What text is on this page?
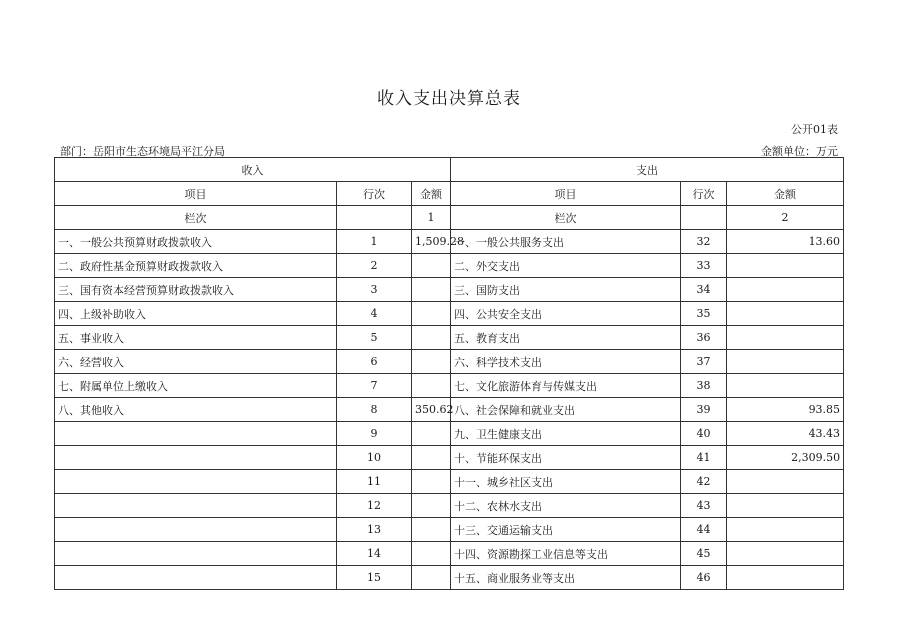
收入支出决算总表
公开01表
部门：岳阳市生态环境局平江分局	金额单位：万元
收入			支出		
项目	行次	金额	项目	行次	金额
栏次		1	栏次		2
一、一般公共预算财政拨款收入	1	1,509.28	一、一般公共服务支出	32	13.60
二、政府性基金预算财政拨款收入	2		二、外交支出	33	
三、国有资本经营预算财政拨款收入	3		三、国防支出	34	
四、上级补助收入	4		四、公共安全支出	35	
五、事业收入	5		五、教育支出	36	
六、经营收入	6		六、科学技术支出	37	
七、附属单位上缴收入	7		七、文化旅游体育与传媒支出	38	
八、其他收入	8	350.62	八、社会保障和就业支出	39	93.85
	9		九、卫生健康支出	40	43.43
	10		十、节能环保支出	41	2,309.50
	11		十一、城乡社区支出	42	
	12		十二、农林水支出	43	
	13		十三、交通运输支出	44	
	14		十四、资源勘探工业信息等支出	45	
	15		十五、商业服务业等支出	46	
